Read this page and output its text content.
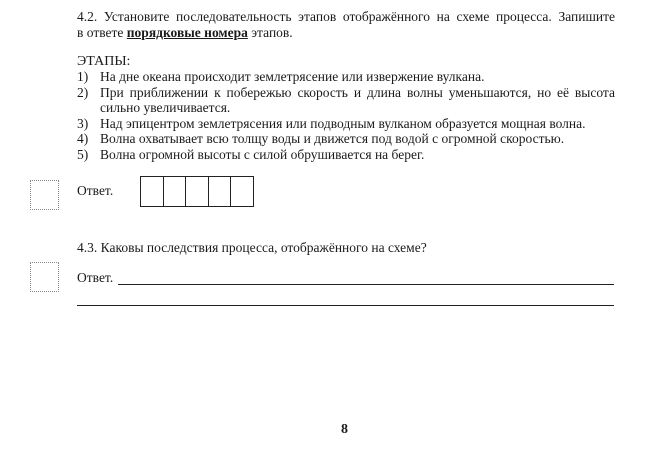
4.2. Установите последовательность этапов отображённого на схеме процесса. Запишите
в ответе порядковые номера этапов.
ЭТАПЫ:
1) На дне океана происходит землетрясение или извержение вулкана.
2) При приближении к побережью скорость и длина волны уменьшаются, но её высота
сильно увеличивается.
3) Над эпицентром землетрясения или подводным вулканом образуется мощная волна.
4) Волна охватывает всю толщу воды и движется под водой с огромной скоростью.
5) Волна огромной высоты с силой обрушивается на берег.
Ответ.
4.3. Каковы последствия процесса, отображённого на схеме?
Ответ.
8
